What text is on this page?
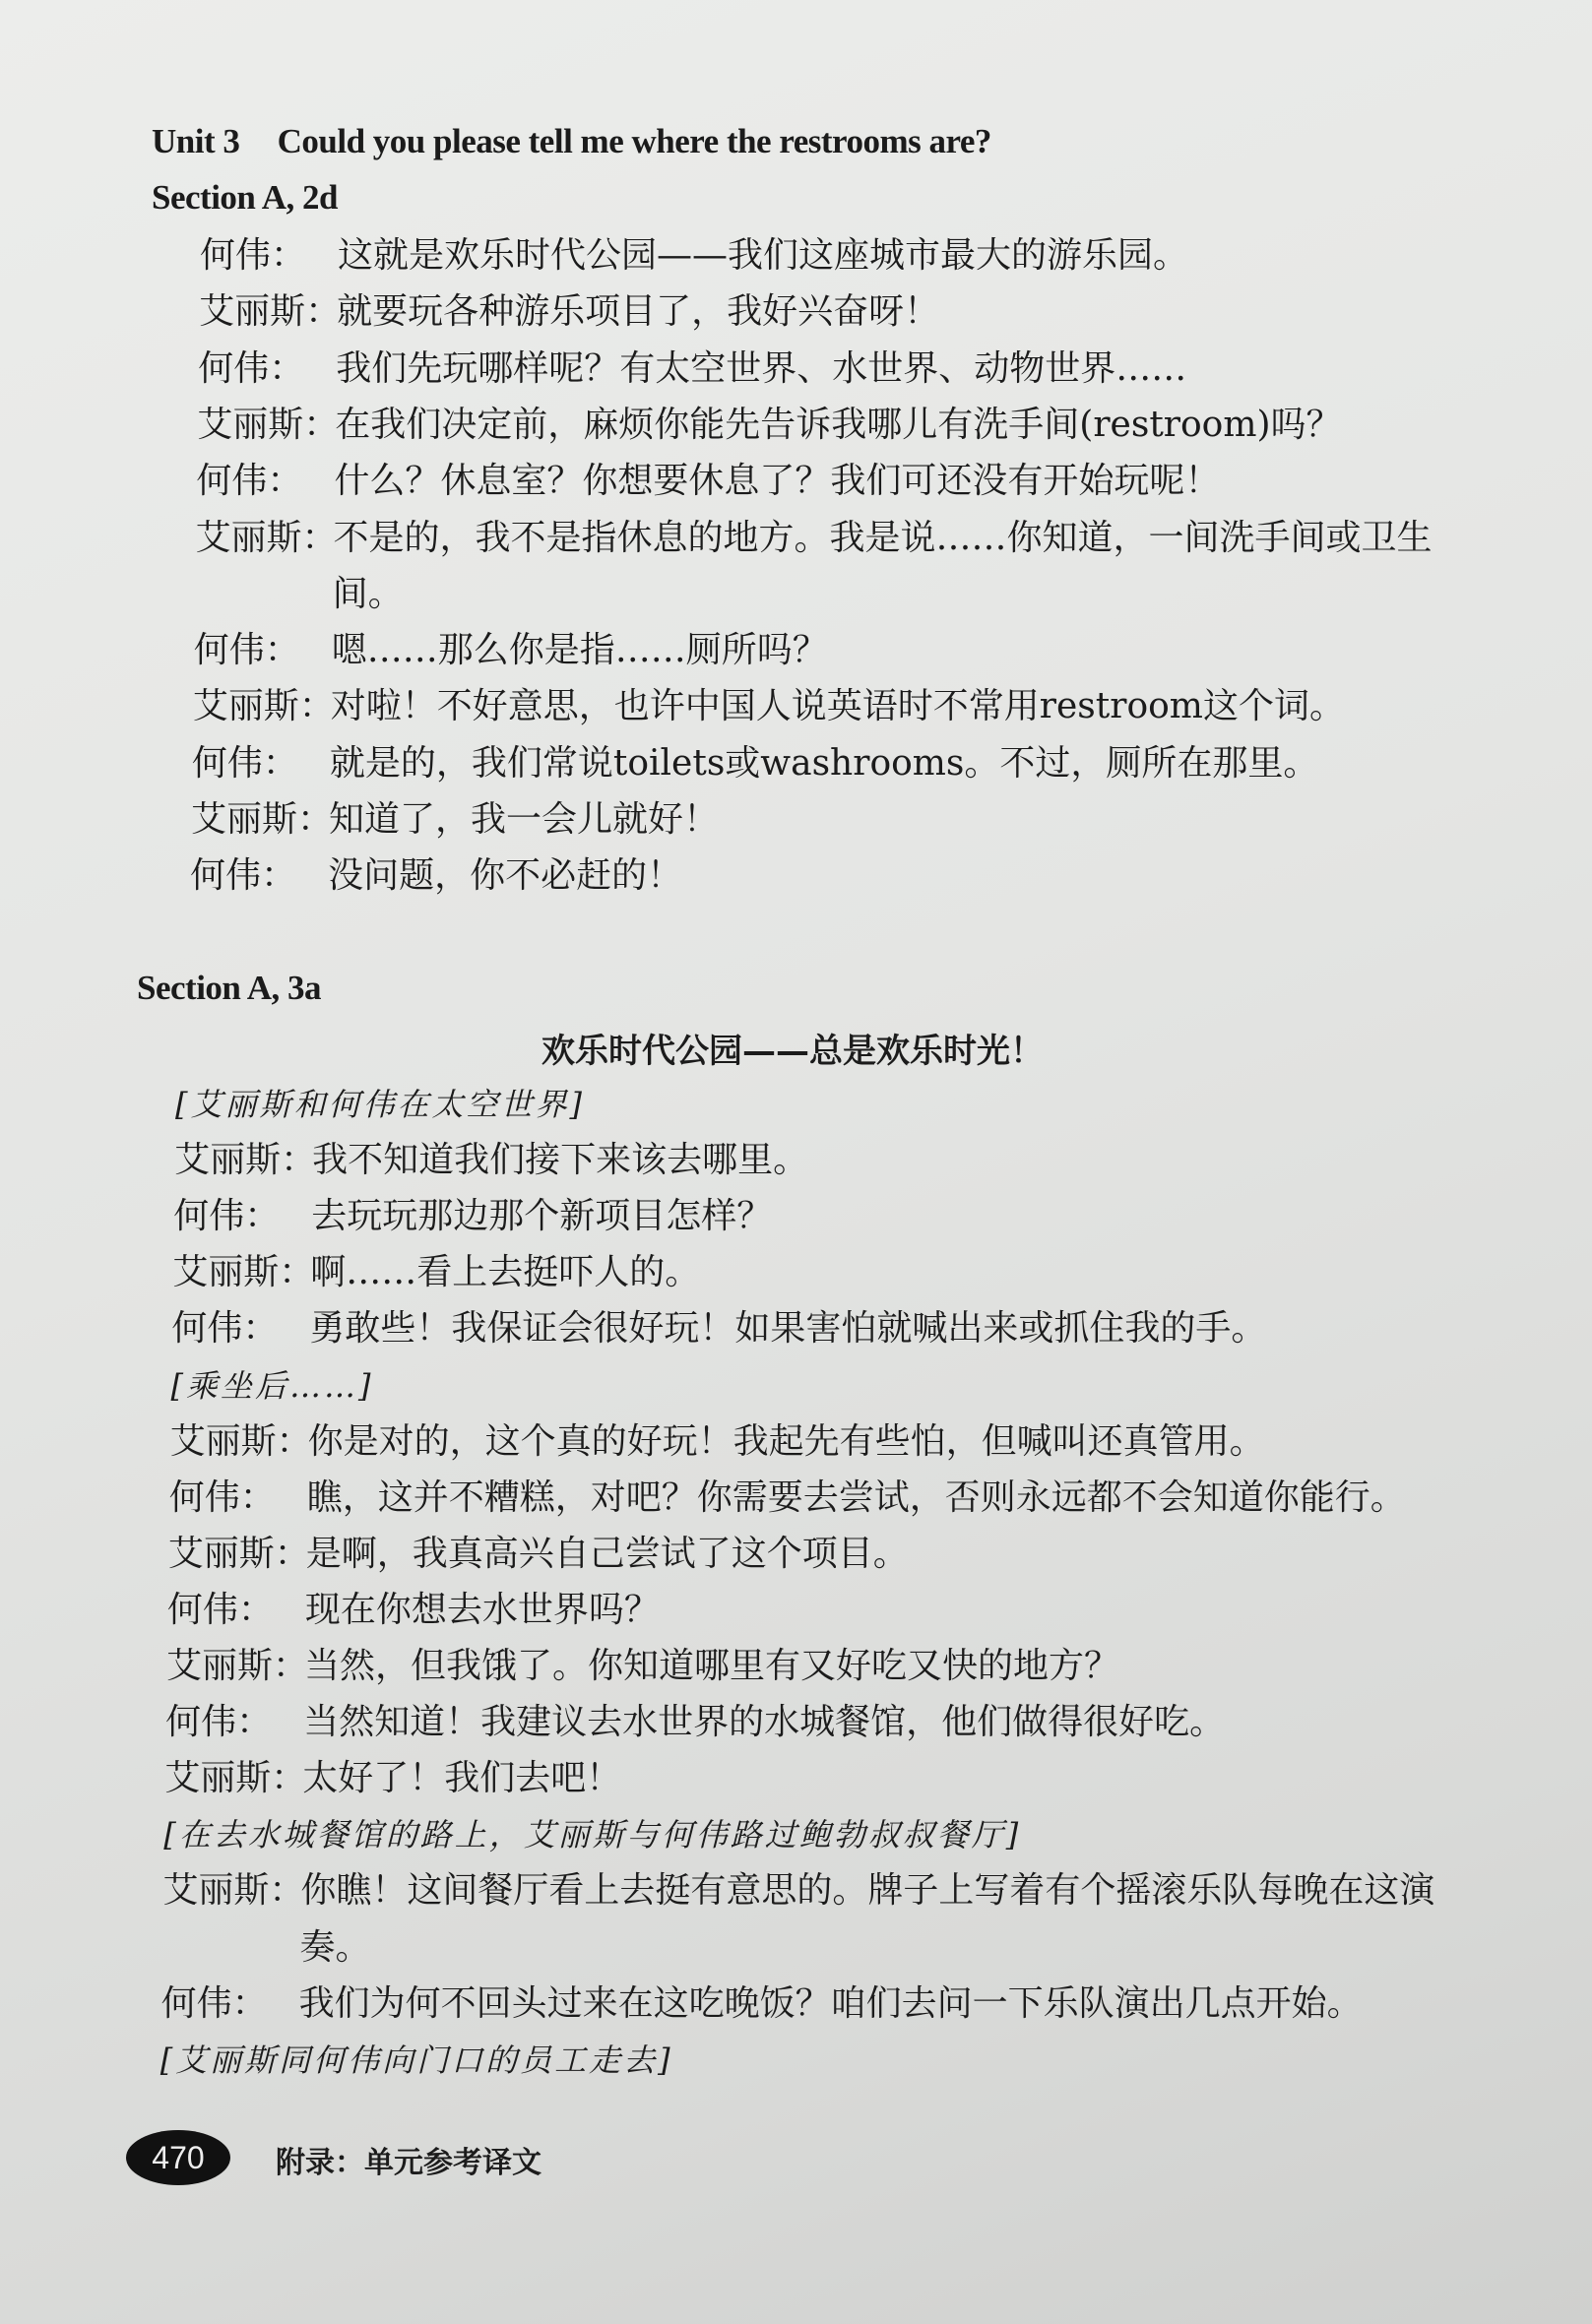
Unit 3 Could you please tell me where the restrooms are?
Section A, 2d
何伟： 这就是欢乐时代公园——我们这座城市最大的游乐园。
艾丽斯：
就要玩各种游乐项目了，我好兴奋呀！
何伟： 我们先玩哪样呢？有太空世界、水世界、动物世界……
艾丽斯：
在我们决定前，麻烦你能先告诉我哪儿有洗手间(restroom)吗？
何伟： 什么？休息室？你想要休息了？我们可还没有开始玩呢！
艾丽斯：
不是的，我不是指休息的地方。我是说……你知道，一间洗手间或卫生
间。
何伟： 嗯……那么你是指……厕所吗？
艾丽斯：
对啦！不好意思，也许中国人说英语时不常用restroom这个词。
何伟： 就是的，我们常说toilets或washrooms。不过，厕所在那里。
艾丽斯：
知道了，我一会儿就好！
何伟： 没问题，你不必赶的！
Section A, 3a
欢乐时代公园——总是欢乐时光！
[艾丽斯和何伟在太空世界]
艾丽斯：
我不知道我们接下来该去哪里。
何伟： 去玩玩那边那个新项目怎样？
艾丽斯：
啊……看上去挺吓人的。
何伟： 勇敢些！我保证会很好玩！如果害怕就喊出来或抓住我的手。
[乘坐后……]
艾丽斯：
你是对的，这个真的好玩！我起先有些怕，但喊叫还真管用。
何伟： 瞧，这并不糟糕，对吧？你需要去尝试，否则永远都不会知道你能行。
艾丽斯：
是啊，我真高兴自己尝试了这个项目。
何伟： 现在你想去水世界吗？
艾丽斯：
当然，但我饿了。你知道哪里有又好吃又快的地方？
何伟： 当然知道！我建议去水世界的水城餐馆，他们做得很好吃。
艾丽斯：
太好了！我们去吧！
[在去水城餐馆的路上，艾丽斯与何伟路过鲍勃叔叔餐厅]
艾丽斯：
你瞧！这间餐厅看上去挺有意思的。牌子上写着有个摇滚乐队每晚在这演
奏。
何伟： 我们为何不回头过来在这吃晚饭？咱们去问一下乐队演出几点开始。
[艾丽斯同何伟向门口的员工走去]
470	附录：单元参考译文
